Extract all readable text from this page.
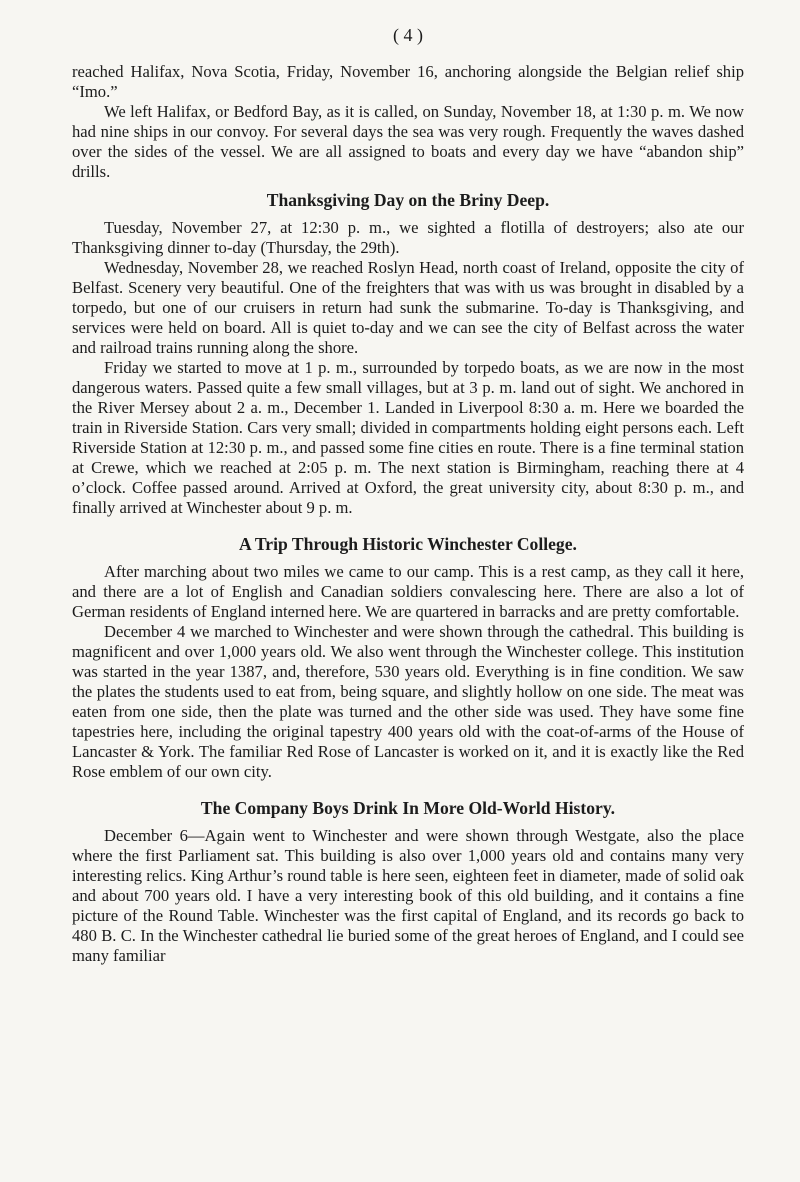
( 4 )

reached Halifax, Nova Scotia, Friday, November 16, anchoring alongside the Belgian relief ship “Imo.”

We left Halifax, or Bedford Bay, as it is called, on Sunday, November 18, at 1:30 p. m. We now had nine ships in our convoy. For several days the sea was very rough. Frequently the waves dashed over the sides of the vessel. We are all assigned to boats and every day we have “abandon ship” drills.

Thanksgiving Day on the Briny Deep.

Tuesday, November 27, at 12:30 p. m., we sighted a flotilla of destroyers; also ate our Thanksgiving dinner to-day (Thursday, the 29th).

Wednesday, November 28, we reached Roslyn Head, north coast of Ireland, opposite the city of Belfast. Scenery very beautiful. One of the freighters that was with us was brought in disabled by a torpedo, but one of our cruisers in return had sunk the submarine. To-day is Thanksgiving, and services were held on board. All is quiet to-day and we can see the city of Belfast across the water and railroad trains running along the shore.

Friday we started to move at 1 p. m., surrounded by torpedo boats, as we are now in the most dangerous waters. Passed quite a few small villages, but at 3 p. m. land out of sight. We anchored in the River Mersey about 2 a. m., December 1. Landed in Liverpool 8:30 a. m. Here we boarded the train in Riverside Station. Cars very small; divided in compartments holding eight persons each. Left Riverside Station at 12:30 p. m., and passed some fine cities en route. There is a fine terminal station at Crewe, which we reached at 2:05 p. m. The next station is Birmingham, reaching there at 4 o’clock. Coffee passed around. Arrived at Oxford, the great university city, about 8:30 p. m., and finally arrived at Winchester about 9 p. m.

A Trip Through Historic Winchester College.

After marching about two miles we came to our camp. This is a rest camp, as they call it here, and there are a lot of English and Canadian soldiers convalescing here. There are also a lot of German residents of England interned here. We are quartered in barracks and are pretty comfortable.

December 4 we marched to Winchester and were shown through the cathedral. This building is magnificent and over 1,000 years old. We also went through the Winchester college. This institution was started in the year 1387, and, therefore, 530 years old. Everything is in fine condition. We saw the plates the students used to eat from, being square, and slightly hollow on one side. The meat was eaten from one side, then the plate was turned and the other side was used. They have some fine tapestries here, including the original tapestry 400 years old with the coat-of-arms of the House of Lancaster & York. The familiar Red Rose of Lancaster is worked on it, and it is exactly like the Red Rose emblem of our own city.

The Company Boys Drink In More Old-World History.

December 6—Again went to Winchester and were shown through Westgate, also the place where the first Parliament sat. This building is also over 1,000 years old and contains many very interesting relics. King Arthur’s round table is here seen, eighteen feet in diameter, made of solid oak and about 700 years old. I have a very interesting book of this old building, and it contains a fine picture of the Round Table. Winchester was the first capital of England, and its records go back to 480 B. C. In the Winchester cathedral lie buried some of the great heroes of England, and I could see many familiar
